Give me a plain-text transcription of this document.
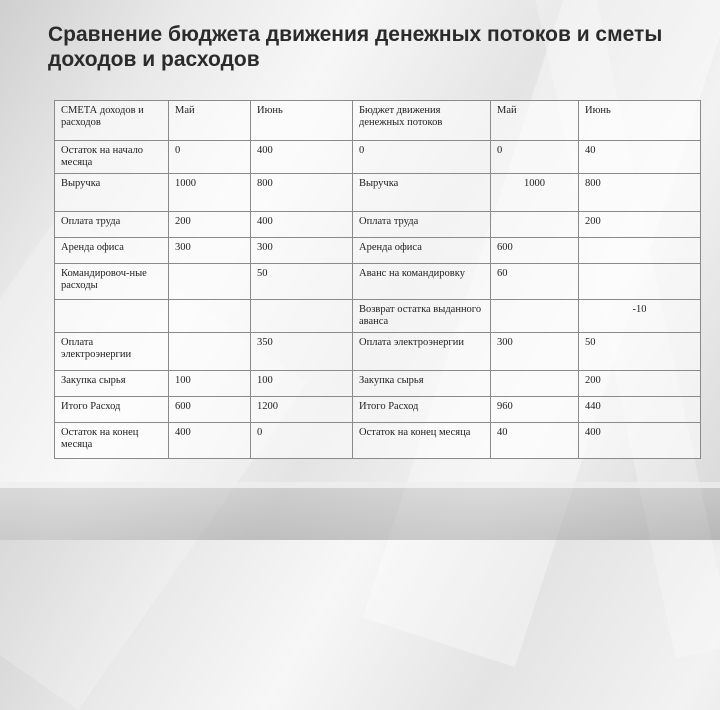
Сравнение бюджета движения денежных потоков и сметы доходов и расходов
СМЕТА доходов и расходов	Май	Июнь	Бюджет движения денежных потоков	Май	Июнь
Остаток на начало месяца	0	400	0	0	40
Выручка	1000	800	Выручка	1000	800
Оплата труда	200	400	Оплата труда		200
Аренда офиса	300	300	Аренда офиса	600	
Командировоч-ные расходы		50	Аванс на командировку	60	
			Возврат остатка выданного аванса		-10
Оплата электроэнергии		350	Оплата электроэнергии	300	50
Закупка сырья	100	100	Закупка сырья		200
Итого Расход	600	1200	Итого Расход	960	440
Остаток на конец месяца	400	0	Остаток на конец месяца	40	400
